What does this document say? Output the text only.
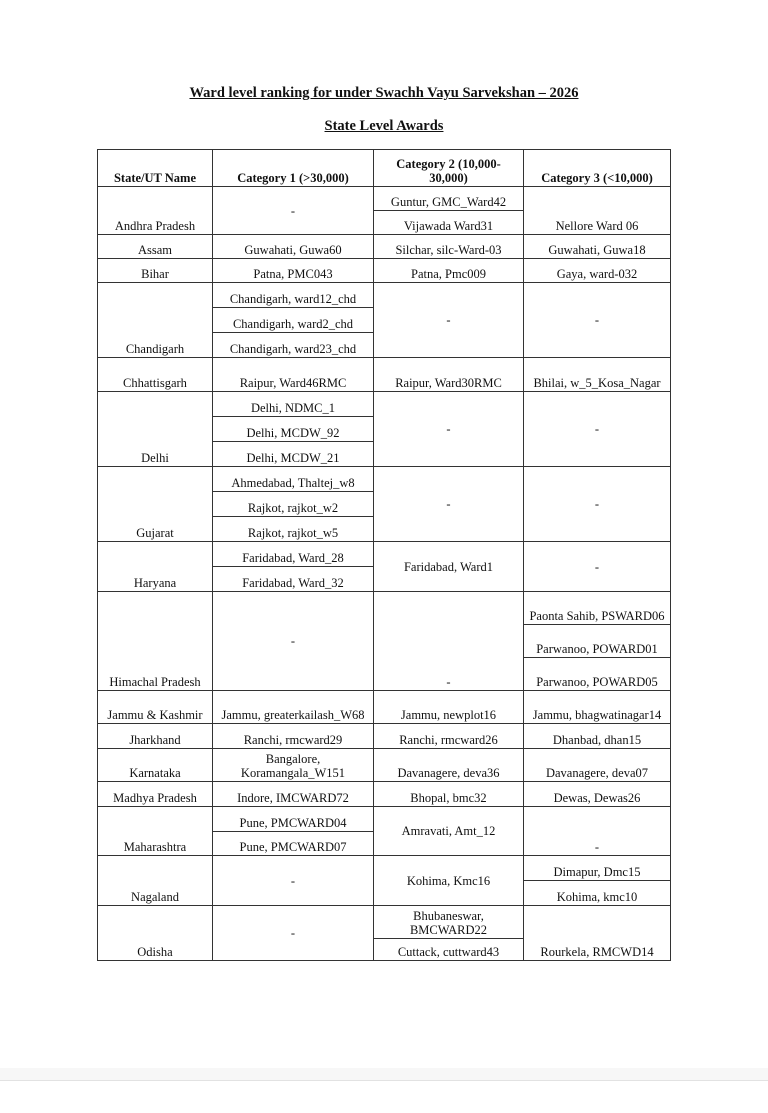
Ward level ranking for under Swachh Vayu Sarvekshan – 2026
State Level Awards
State/UT Name	Category 1 (>30,000)	Category 2 (10,000-30,000)	Category 3 (<10,000)
Andhra Pradesh	-	Guntur, GMC_Ward42	Nellore Ward 06
		Vijawada Ward31	
Assam	Guwahati, Guwa60	Silchar, silc-Ward-03	Guwahati, Guwa18
Bihar	Patna, PMC043	Patna, Pmc009	Gaya, ward-032
Chandigarh	Chandigarh, ward12_chd	-	-
	Chandigarh, ward2_chd		
	Chandigarh, ward23_chd		
Chhattisgarh	Raipur, Ward46RMC	Raipur, Ward30RMC	Bhilai, w_5_Kosa_Nagar
Delhi	Delhi, NDMC_1	-	-
	Delhi, MCDW_92		
	Delhi, MCDW_21		
Gujarat	Ahmedabad, Thaltej_w8	-	-
	Rajkot, rajkot_w2		
	Rajkot, rajkot_w5		
Haryana	Faridabad, Ward_28	Faridabad, Ward1	-
	Faridabad, Ward_32		
Himachal Pradesh	-	-	Paonta Sahib, PSWARD06
			Parwanoo, POWARD01
			Parwanoo, POWARD05
Jammu & Kashmir	Jammu, greaterkailash_W68	Jammu, newplot16	Jammu, bhagwatinagar14
Jharkhand	Ranchi, rmcward29	Ranchi, rmcward26	Dhanbad, dhan15
Karnataka	Bangalore, Koramangala_W151	Davanagere, deva36	Davanagere, deva07
Madhya Pradesh	Indore, IMCWARD72	Bhopal, bmc32	Dewas, Dewas26
Maharashtra	Pune, PMCWARD04	Amravati, Amt_12	-
	Pune, PMCWARD07		
Nagaland	-	Kohima, Kmc16	Dimapur, Dmc15
			Kohima, kmc10
Odisha	-	Bhubaneswar, BMCWARD22	Rourkela, RMCWD14
		Cuttack, cuttward43	
